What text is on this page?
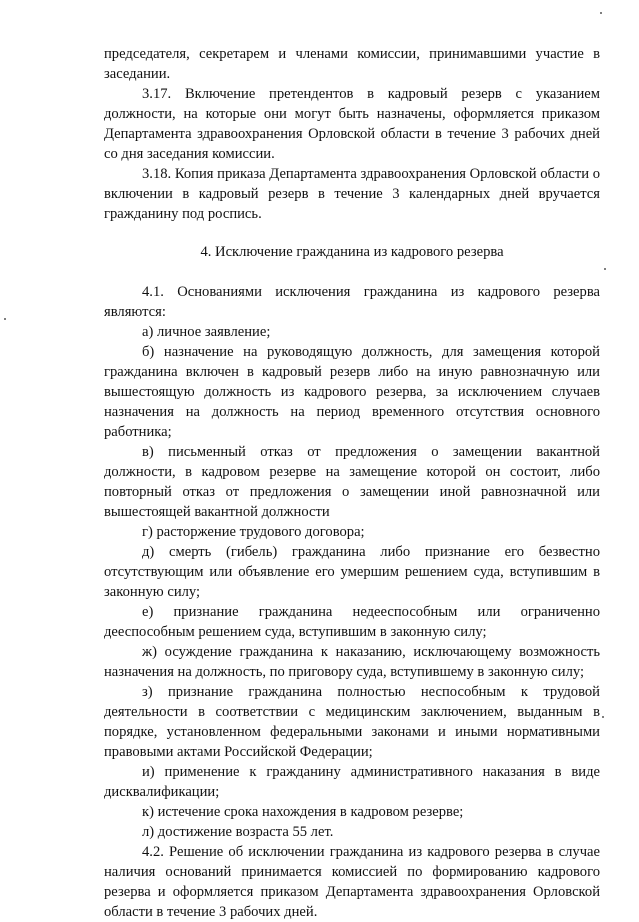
председателя, секретарем и членами комиссии, принимавшими участие в заседании.

3.17. Включение претендентов в кадровый резерв с указанием должности, на которые они могут быть назначены, оформляется приказом Департамента здравоохранения Орловской области в течение 3 рабочих дней со дня заседания комиссии.

3.18. Копия приказа Департамента здравоохранения Орловской области о включении в кадровый резерв в течение 3 календарных дней вручается гражданину под роспись.

4. Исключение гражданина из кадрового резерва

4.1. Основаниями исключения гражданина из кадрового резерва являются:

а) личное заявление;

б) назначение на руководящую должность, для замещения которой гражданина включен в кадровый резерв либо на иную равнозначную или вышестоящую должность из кадрового резерва, за исключением случаев назначения на должность на период временного отсутствия основного работника;

в) письменный отказ от предложения о замещении вакантной должности, в кадровом резерве на замещение которой он состоит, либо повторный отказ от предложения о замещении иной равнозначной или вышестоящей вакантной должности

г) расторжение трудового договора;

д) смерть (гибель) гражданина либо признание его безвестно отсутствующим или объявление его умершим решением суда, вступившим в законную силу;

е) признание гражданина недееспособным или ограниченно дееспособным решением суда, вступившим в законную силу;

ж) осуждение гражданина к наказанию, исключающему возможность назначения на должность, по приговору суда, вступившему в законную силу;

з) признание гражданина полностью неспособным к трудовой деятельности в соответствии с медицинским заключением, выданным в порядке, установленном федеральными законами и иными нормативными правовыми актами Российской Федерации;

и) применение к гражданину административного наказания в виде дисквалификации;

к) истечение срока нахождения в кадровом резерве;

л) достижение возраста 55 лет.

4.2. Решение об исключении гражданина из кадрового резерва в случае наличия оснований принимается комиссией по формированию кадрового резерва и оформляется приказом Департамента здравоохранения Орловской области в течение 3 рабочих дней.
